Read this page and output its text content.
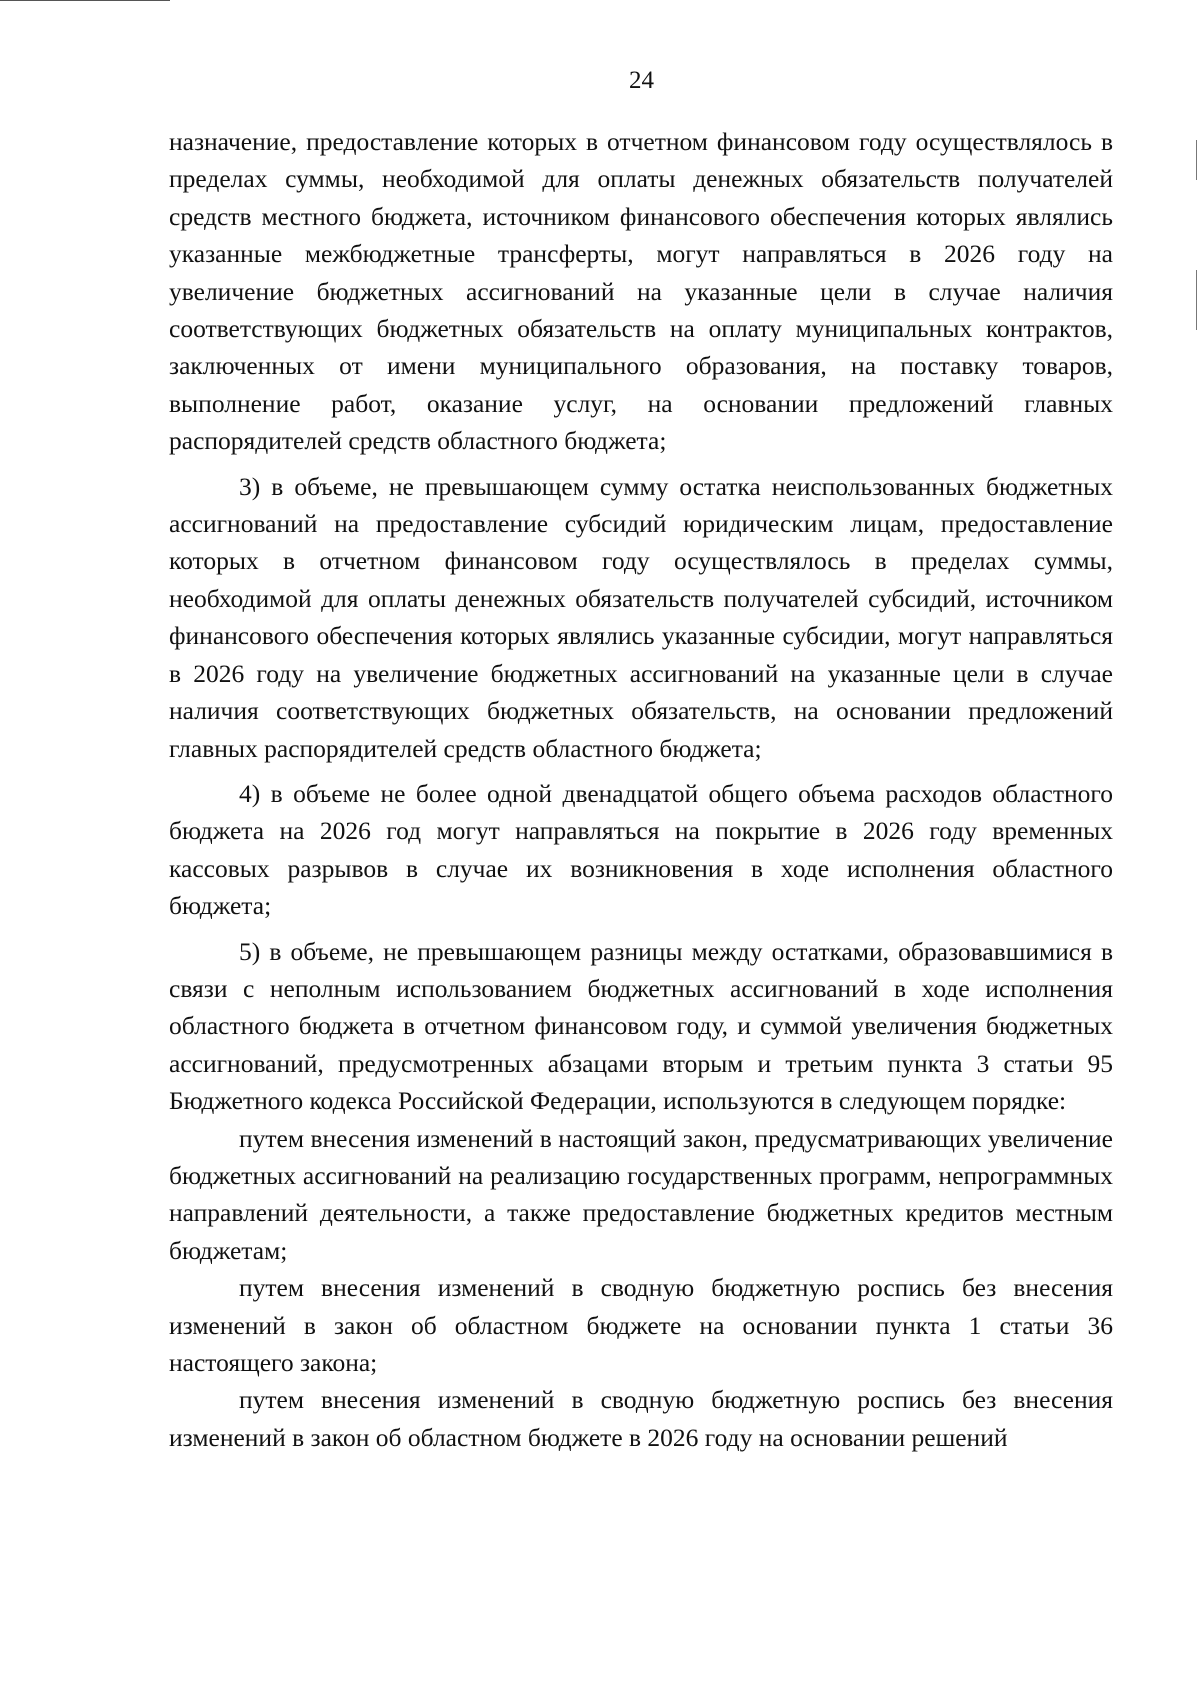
24

назначение, предоставление которых в отчетном финансовом году осуществлялось в пределах суммы, необходимой для оплаты денежных обязательств получателей средств местного бюджета, источником финансового обеспечения которых являлись указанные межбюджетные трансферты, могут направляться в 2026 году на увеличение бюджетных ассигнований на указанные цели в случае наличия соответствующих бюджетных обязательств на оплату муниципальных контрактов, заключенных от имени муниципального образования, на поставку товаров, выполнение работ, оказание услуг, на основании предложений главных распорядителей средств областного бюджета;

3) в объеме, не превышающем сумму остатка неиспользованных бюджетных ассигнований на предоставление субсидий юридическим лицам, предоставление которых в отчетном финансовом году осуществлялось в пределах суммы, необходимой для оплаты денежных обязательств получателей субсидий, источником финансового обеспечения которых являлись указанные субсидии, могут направляться в 2026 году на увеличение бюджетных ассигнований на указанные цели в случае наличия соответствующих бюджетных обязательств, на основании предложений главных распорядителей средств областного бюджета;

4) в объеме не более одной двенадцатой общего объема расходов областного бюджета на 2026 год могут направляться на покрытие в 2026 году временных кассовых разрывов в случае их возникновения в ходе исполнения областного бюджета;

5) в объеме, не превышающем разницы между остатками, образовавшимися в связи с неполным использованием бюджетных ассигнований в ходе исполнения областного бюджета в отчетном финансовом году, и суммой увеличения бюджетных ассигнований, предусмотренных абзацами вторым и третьим пункта 3 статьи 95 Бюджетного кодекса Российской Федерации, используются в следующем порядке:

путем внесения изменений в настоящий закон, предусматривающих увеличение бюджетных ассигнований на реализацию государственных программ, непрограммных направлений деятельности, а также предоставление бюджетных кредитов местным бюджетам;

путем внесения изменений в сводную бюджетную роспись без внесения изменений в закон об областном бюджете на основании пункта 1 статьи 36 настоящего закона;

путем внесения изменений в сводную бюджетную роспись без внесения изменений в закон об областном бюджете в 2026 году на основании решений
